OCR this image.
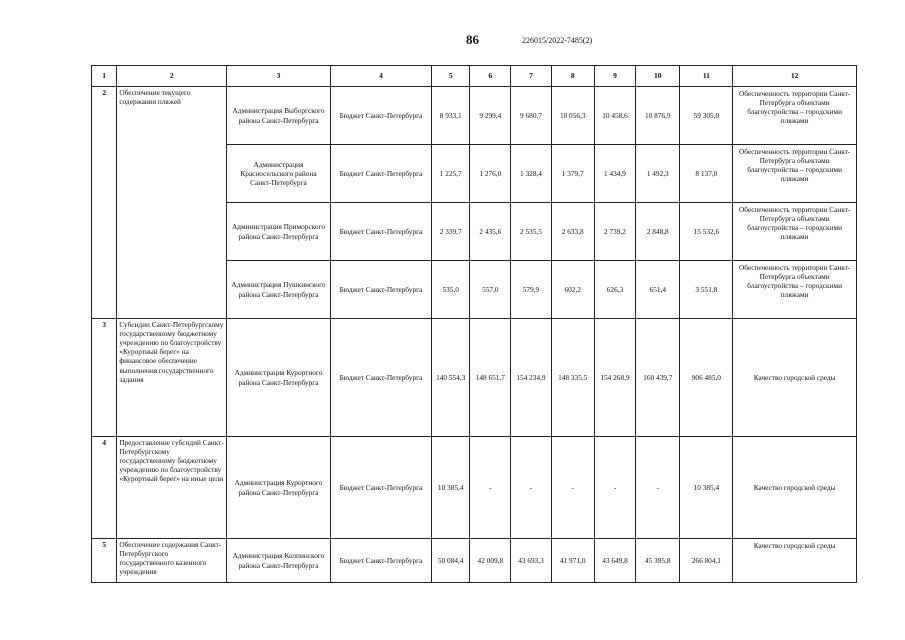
86	226015/2022-7485(2)
1	2	3	4	5	6	7	8	9	10	11	12
2	Обеспечение текущего содержания пляжей	Администрация Выборгского района Санкт-Петербурга	Бюджет Санкт-Петербурга	8 933,1	9 299,4	9 680,7	10 056,3	10 458,6	10 876,9	59 305,0	Обеспеченность территории Санкт-Петербурга объектами благоустройства – городскими пляжами
		Администрация Красносельского района Санкт-Петербурга	Бюджет Санкт-Петербурга	1 225,7	1 276,0	1 328,4	1 379,7	1 434,9	1 492,3	8 137,0	Обеспеченность территории Санкт-Петербурга объектами благоустройства – городскими пляжами
		Администрация Приморского района Санкт-Петербурга	Бюджет Санкт-Петербурга	2 339,7	2 435,6	2 535,5	2 633,8	2 739,2	2 848,8	15 532,6	Обеспеченность территории Санкт-Петербурга объектами благоустройства – городскими пляжами
		Администрация Пушкинского района Санкт-Петербурга	Бюджет Санкт-Петербурга	535,0	557,0	579,9	602,2	626,3	651,4	3 551,8	Обеспеченность территории Санкт-Петербурга объектами благоустройства – городскими пляжами
3	Субсидии Санкт-Петербургскому государственному бюджетному учреждению по благоустройству «Курортный берег» на финансовое обеспечение выполнения государственного задания	Администрация Курортного района Санкт-Петербурга	Бюджет Санкт-Петербурга	140 554,3	148 651,7	154 234,9	148 335,5	154 268,9	160 439,7	906 485,0	Качество городской среды
4	Предоставление субсидий Санкт-Петербургскому государственному бюджетному учреждению по благоустройству «Курортный берег» на иные цели	Администрация Курортного района Санкт-Петербурга	Бюджет Санкт-Петербурга	10 385,4	-	-	-	-	-	10 385,4	Качество городской среды
5	Обеспечение содержания Санкт-Петербургского государственного казенного учреждения	Администрация Колпинского района Санкт-Петербурга	Бюджет Санкт-Петербурга	50 084,4	42 009,8	43 693,3	41 971,0	43 649,8	45 395,8	266 804,1	Качество городской среды
